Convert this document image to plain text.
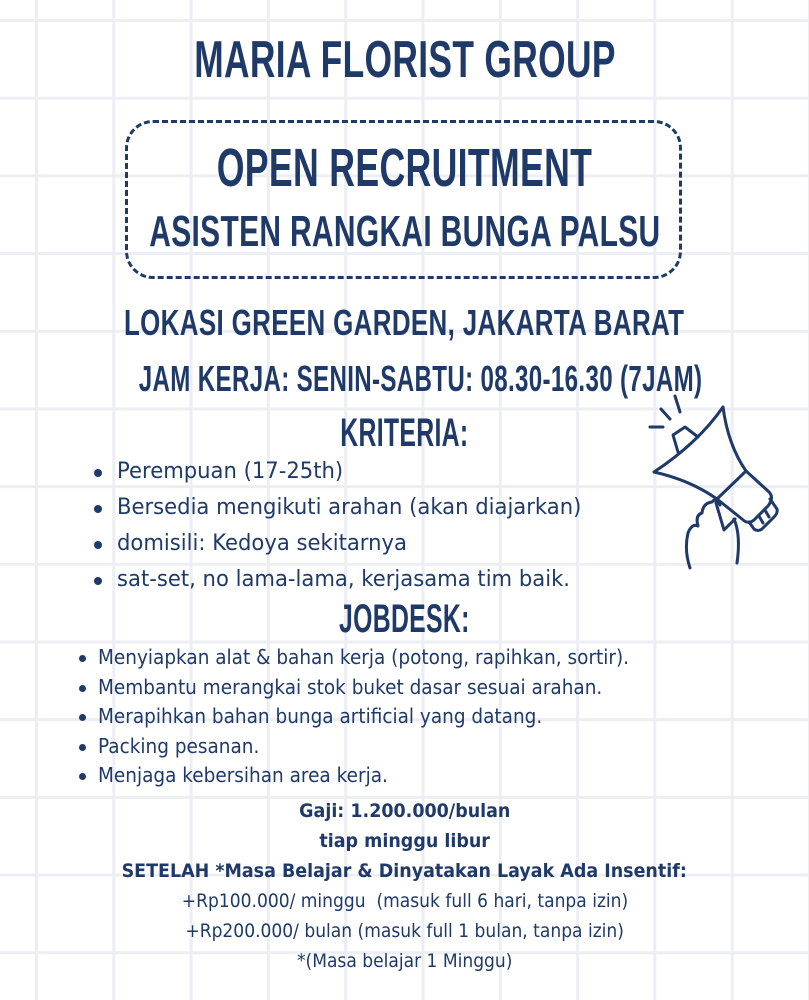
MARIA FLORIST GROUP
OPEN RECRUITMENT
ASISTEN RANGKAI BUNGA PALSU
LOKASI GREEN GARDEN, JAKARTA BARAT
JAM KERJA: SENIN-SABTU: 08.30-16.30 (7JAM)
KRITERIA:
Perempuan (17-25th)
Bersedia mengikuti arahan (akan diajarkan)
domisili: Kedoya sekitarnya
sat-set, no lama-lama, kerjasama tim baik.
JOBDESK:
Menyiapkan alat & bahan kerja (potong, rapihkan, sortir).
Membantu merangkai stok buket dasar sesuai arahan.
Merapihkan bahan bunga artificial yang datang.
Packing pesanan.
Menjaga kebersihan area kerja.
Gaji: 1.200.000/bulan
tiap minggu libur
SETELAH *Masa Belajar & Dinyatakan Layak Ada Insentif:
+Rp100.000/ minggu  (masuk full 6 hari, tanpa izin)
+Rp200.000/ bulan (masuk full 1 bulan, tanpa izin)
*(Masa belajar 1 Minggu)
